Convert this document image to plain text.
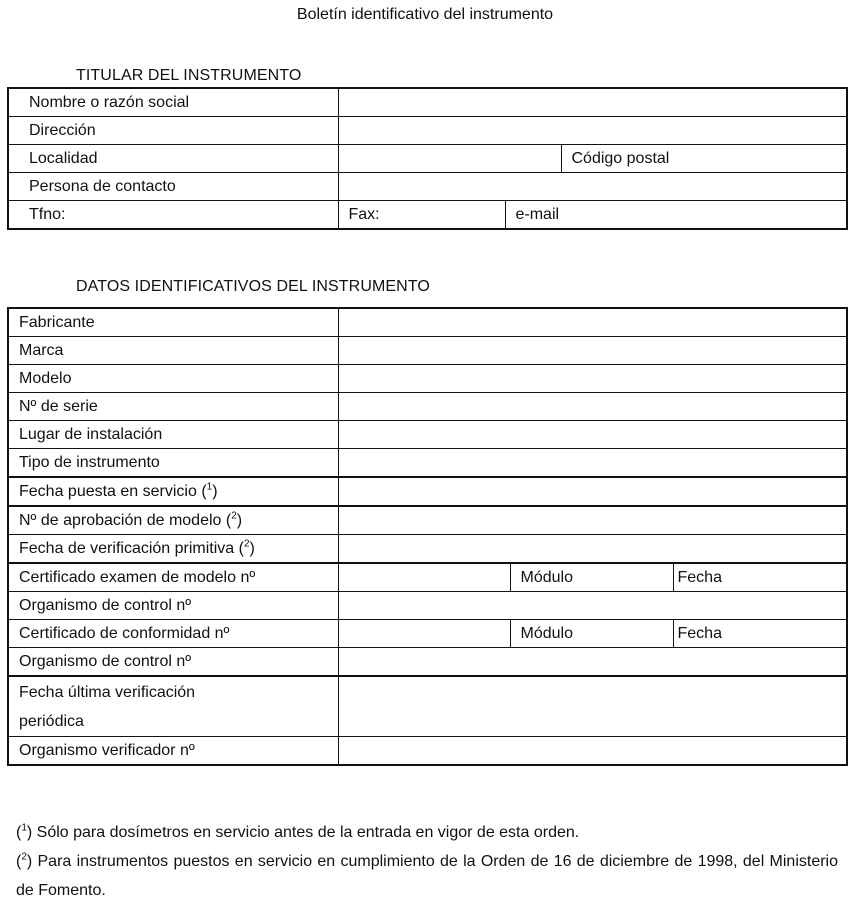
Boletín identificativo del instrumento
TITULAR DEL INSTRUMENTO
Nombre o razón social			
Dirección			
Localidad			Código postal
Persona de contacto			
Tfno:	Fax:	e-mail	
DATOS IDENTIFICATIVOS DEL INSTRUMENTO
Fabricante			
Marca			
Modelo			
Nº de serie			
Lugar de instalación			
Tipo de instrumento			
Fecha puesta en servicio ($^1$)			
Nº de aprobación de modelo ($^2$)			
Fecha de verificación primitiva ($^2$)			
Certificado examen de modelo nº		Módulo	Fecha
Organismo de control nº			
Certificado de conformidad nº		Módulo	Fecha
Organismo de control nº			
Fecha última verificación
periódica			
Organismo verificador nº			

($^1$) Sólo para dosímetros en servicio antes de la entrada en vigor de esta orden.

($^2$) Para instrumentos puestos en servicio en cumplimiento de la Orden de 16 de diciembre de 1998, del Ministerio de Fomento.
